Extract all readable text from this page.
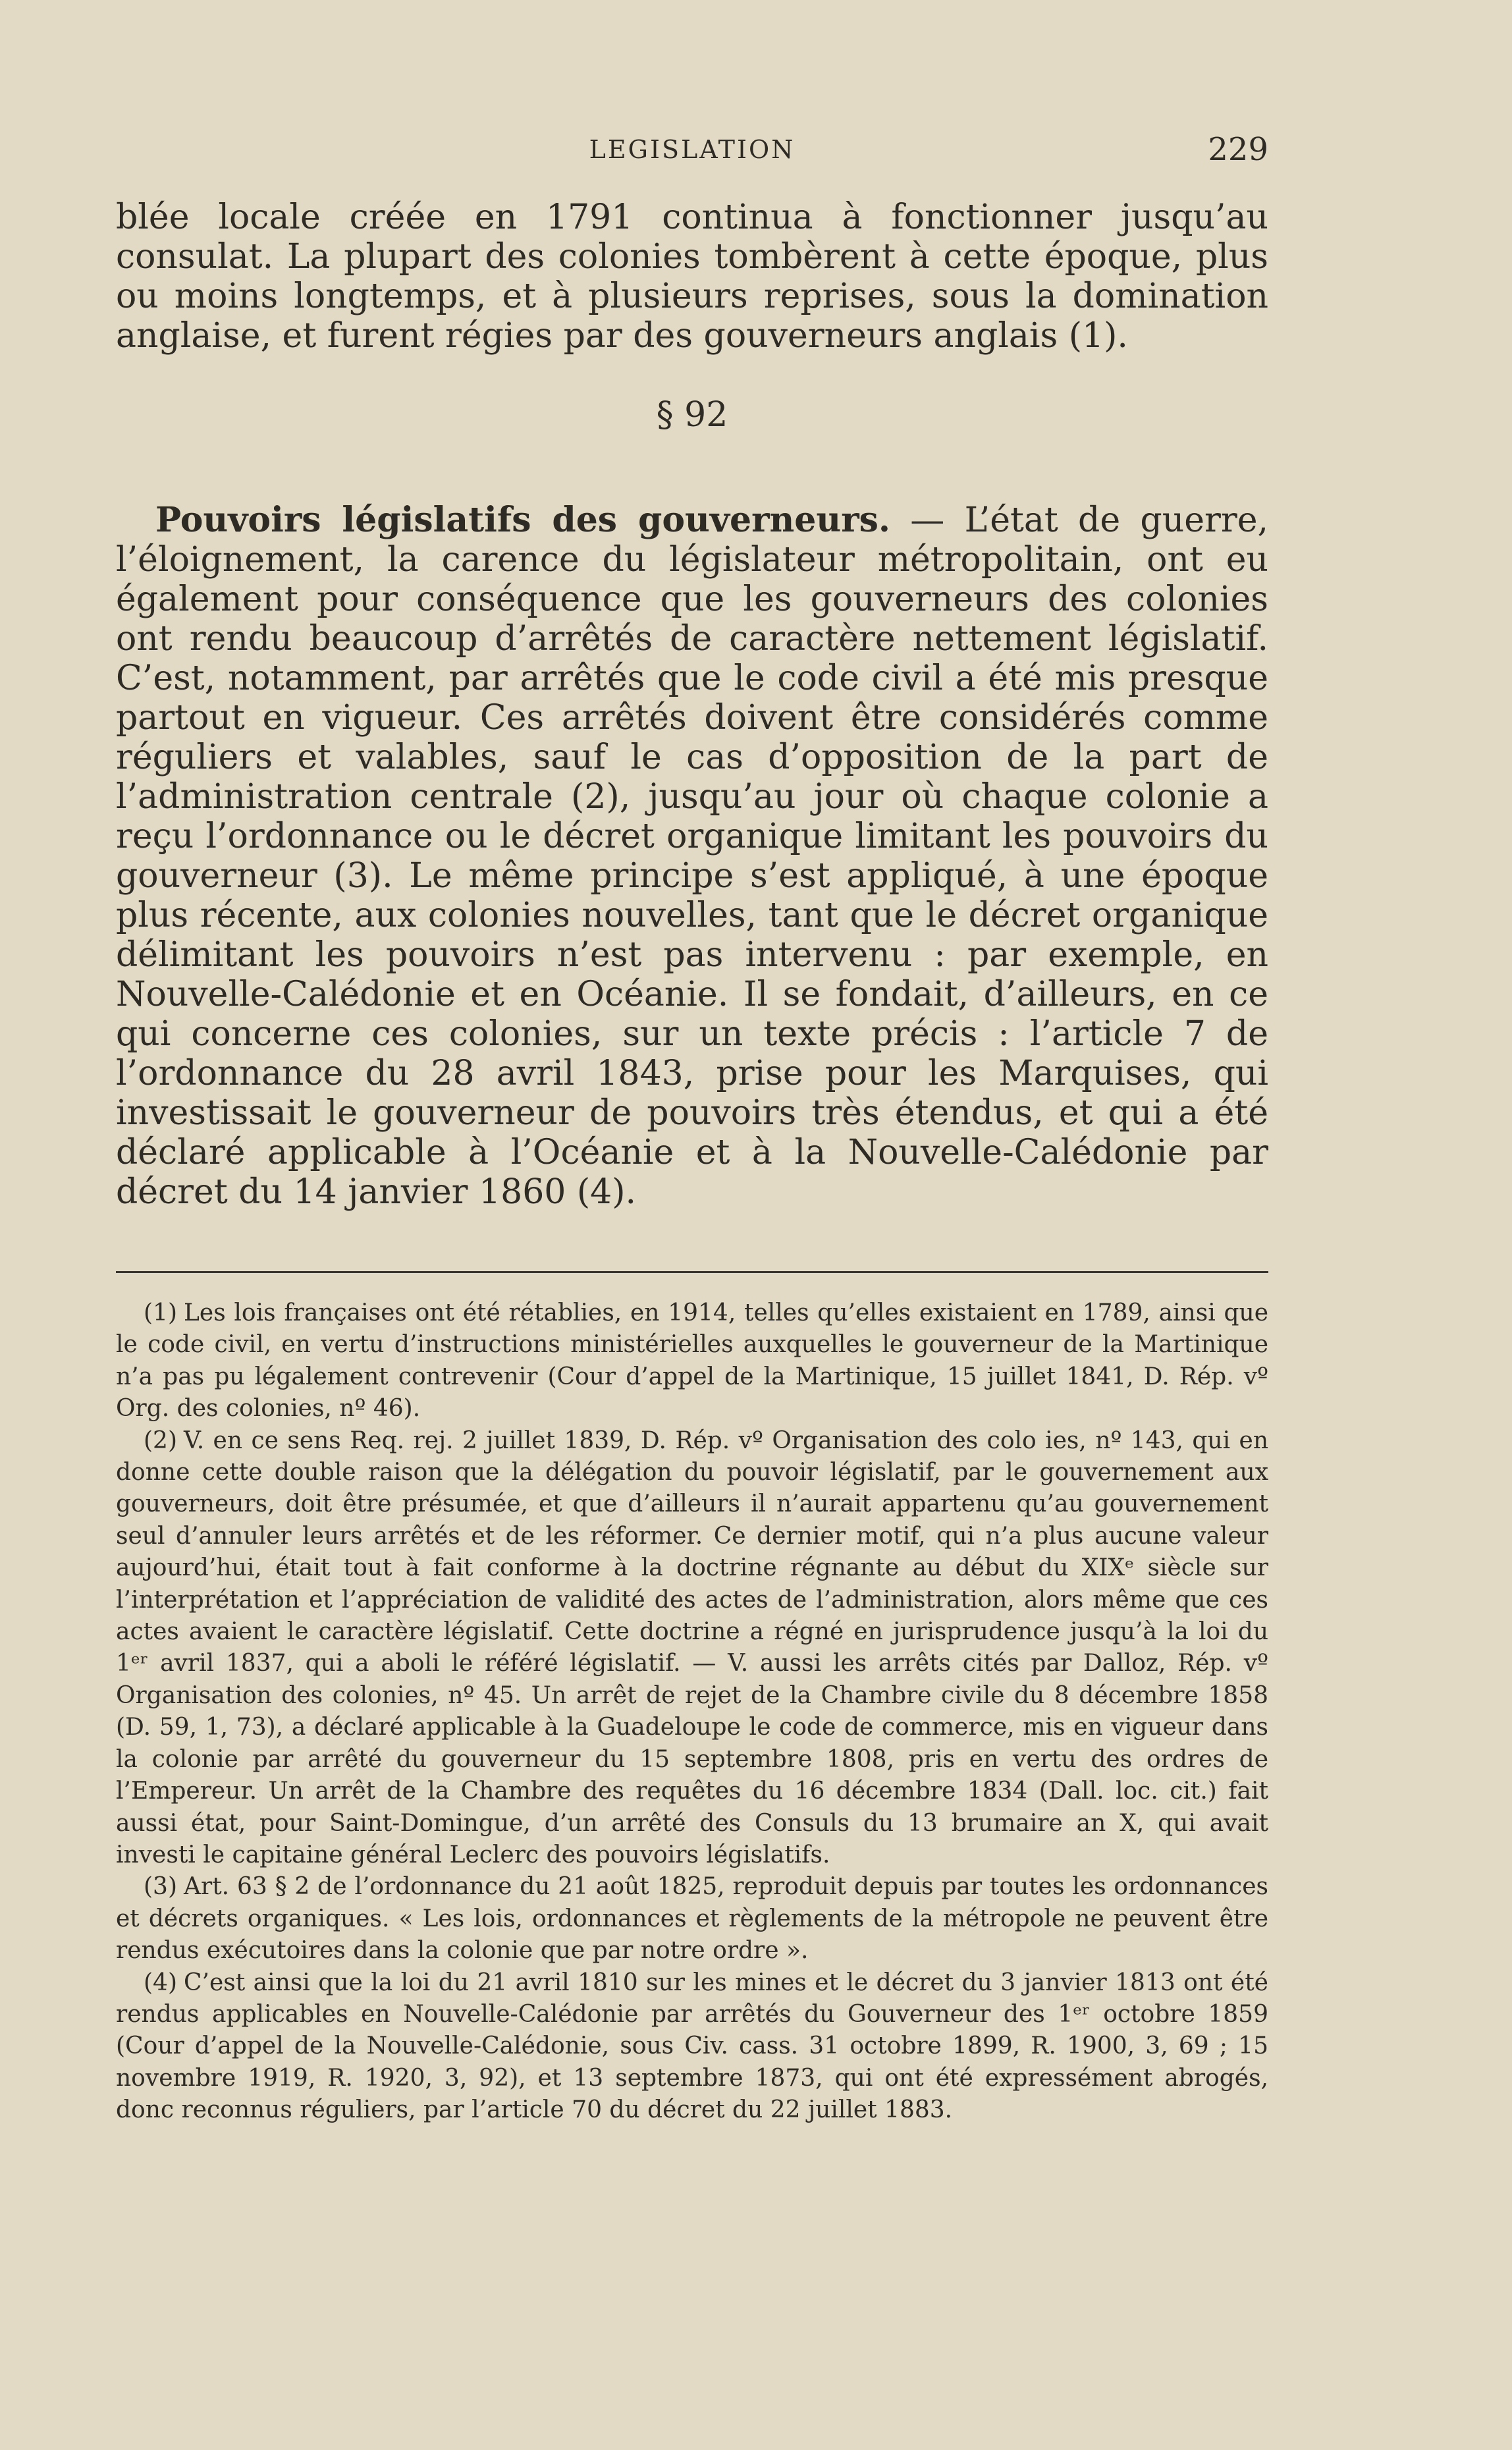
LEGISLATION	229

blée locale créée en 1791 continua à fonctionner jusqu’au consulat. La plupart des colonies tombèrent à cette époque, plus ou moins longtemps, et à plusieurs reprises, sous la domination anglaise, et furent régies par des gouverneurs anglais (1).

§ 92

Pouvoirs législatifs des gouverneurs. — L’état de guerre, l’éloignement, la carence du législateur métropolitain, ont eu également pour conséquence que les gouverneurs des colonies ont rendu beaucoup d’arrêtés de caractère nettement législatif. C’est, notamment, par arrêtés que le code civil a été mis presque partout en vigueur. Ces arrêtés doivent être considérés comme réguliers et valables, sauf le cas d’opposition de la part de l’administration centrale (2), jusqu’au jour où chaque colonie a reçu l’ordonnance ou le décret organique limitant les pouvoirs du gouverneur (3). Le même principe s’est appliqué, à une époque plus récente, aux colonies nouvelles, tant que le décret organique délimitant les pouvoirs n’est pas intervenu : par exemple, en Nouvelle-Calédonie et en Océanie. Il se fondait, d’ailleurs, en ce qui concerne ces colonies, sur un texte précis : l’article 7 de l’ordonnance du 28 avril 1843, prise pour les Marquises, qui investissait le gouverneur de pouvoirs très étendus, et qui a été déclaré applicable à l’Océanie et à la Nouvelle-Calédonie par décret du 14 janvier 1860 (4).

(1) Les lois françaises ont été rétablies, en 1914, telles qu’elles existaient en 1789, ainsi que le code civil, en vertu d’instructions ministérielles auxquelles le gouverneur de la Martinique n’a pas pu légalement contrevenir (Cour d’appel de la Martinique, 15 juillet 1841, D. Rép. vº Org. des colonies, nº 46).

(2) V. en ce sens Req. rej. 2 juillet 1839, D. Rép. vº Organisation des colo ies, nº 143, qui en donne cette double raison que la délégation du pouvoir législatif, par le gouvernement aux gouverneurs, doit être présumée, et que d’ailleurs il n’aurait appartenu qu’au gouvernement seul d’annuler leurs arrêtés et de les réformer. Ce dernier motif, qui n’a plus aucune valeur aujourd’hui, était tout à fait conforme à la doctrine régnante au début du XIXᵉ siècle sur l’interprétation et l’appréciation de validité des actes de l’administration, alors même que ces actes avaient le caractère législatif. Cette doctrine a régné en jurisprudence jusqu’à la loi du 1ᵉʳ avril 1837, qui a aboli le référé législatif. — V. aussi les arrêts cités par Dalloz, Rép. vº Organisation des colonies, nº 45. Un arrêt de rejet de la Chambre civile du 8 décembre 1858 (D. 59, 1, 73), a déclaré applicable à la Guadeloupe le code de commerce, mis en vigueur dans la colonie par arrêté du gouverneur du 15 septembre 1808, pris en vertu des ordres de l’Empereur. Un arrêt de la Chambre des requêtes du 16 décembre 1834 (Dall. loc. cit.) fait aussi état, pour Saint-Domingue, d’un arrêté des Consuls du 13 brumaire an X, qui avait investi le capitaine général Leclerc des pouvoirs législatifs.

(3) Art. 63 § 2 de l’ordonnance du 21 août 1825, reproduit depuis par toutes les ordonnances et décrets organiques. « Les lois, ordonnances et règlements de la métropole ne peuvent être rendus exécutoires dans la colonie que par notre ordre ».

(4) C’est ainsi que la loi du 21 avril 1810 sur les mines et le décret du 3 janvier 1813 ont été rendus applicables en Nouvelle-Calédonie par arrêtés du Gouverneur des 1ᵉʳ octobre 1859 (Cour d’appel de la Nouvelle-Calédonie, sous Civ. cass. 31 octobre 1899, R. 1900, 3, 69 ; 15 novembre 1919, R. 1920, 3, 92), et 13 septembre 1873, qui ont été expressément abrogés, donc reconnus réguliers, par l’article 70 du décret du 22 juillet 1883.
